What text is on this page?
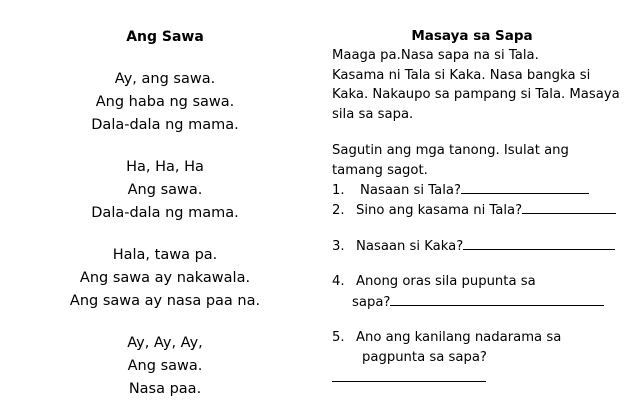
Ang Sawa
Ay, ang sawa.
Ang haba ng sawa.
Dala-dala ng mama.
Ha, Ha, Ha
Ang sawa.
Dala-dala ng mama.
Hala, tawa pa.
Ang sawa ay nakawala.
Ang sawa ay nasa paa na.
Ay, Ay, Ay,
Ang sawa.
Nasa paa.
Masaya sa Sapa
Maaga pa.Nasa sapa na si Tala.
Kasama ni Tala si Kaka. Nasa bangka si
Kaka. Nakaupo sa pampang si Tala. Masaya
sila sa sapa.
Sagutin ang mga tanong. Isulat ang
tamang sagot.
1. Nasaan si Tala?
2. Sino ang kasama ni Tala?
3. Nasaan si Kaka?
4. Anong oras sila pupunta sa
sapa?
5. Ano ang kanilang nadarama sa
pagpunta sa sapa?
